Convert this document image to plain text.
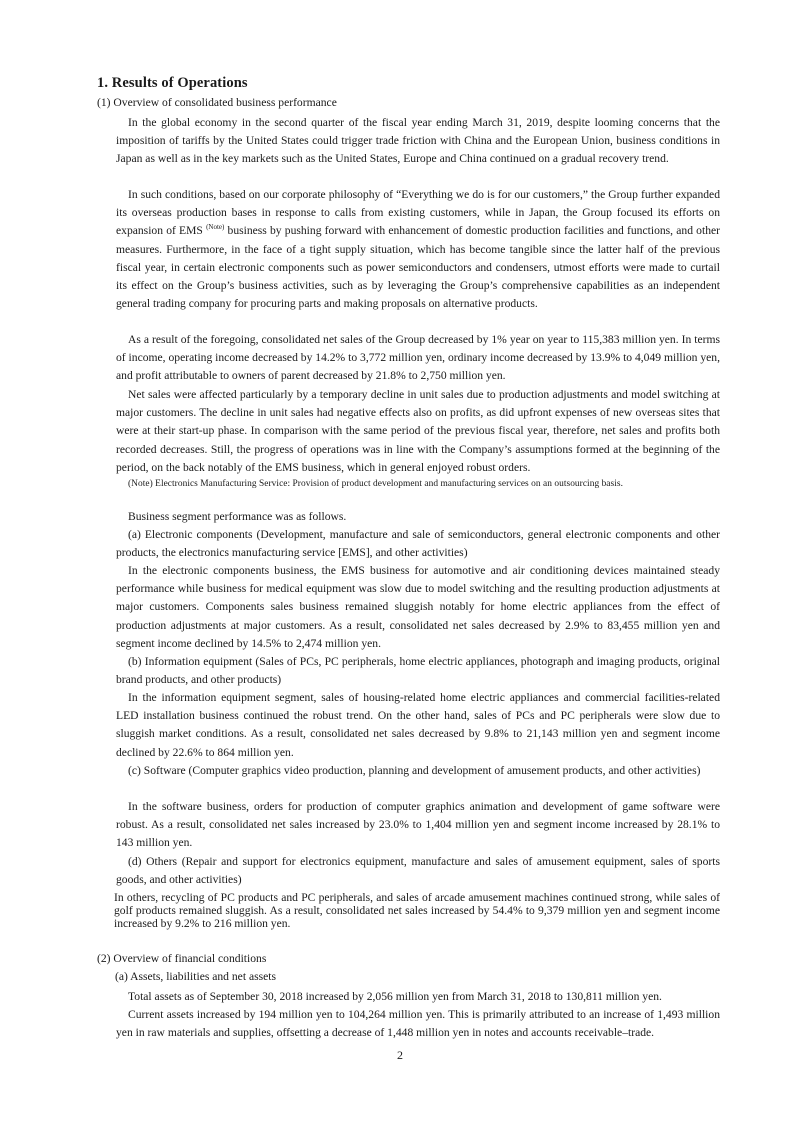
1. Results of Operations
(1) Overview of consolidated business performance
In the global economy in the second quarter of the fiscal year ending March 31, 2019, despite looming concerns that the imposition of tariffs by the United States could trigger trade friction with China and the European Union, business conditions in Japan as well as in the key markets such as the United States, Europe and China continued on a gradual recovery trend.
In such conditions, based on our corporate philosophy of “Everything we do is for our customers,” the Group further expanded its overseas production bases in response to calls from existing customers, while in Japan, the Group focused its efforts on expansion of EMS $^{(Note)}$ business by pushing forward with enhancement of domestic production facilities and functions, and other measures. Furthermore, in the face of a tight supply situation, which has become tangible since the latter half of the previous fiscal year, in certain electronic components such as power semiconductors and condensers, utmost efforts were made to curtail its effect on the Group’s business activities, such as by leveraging the Group’s comprehensive capabilities as an independent general trading company for procuring parts and making proposals on alternative products.
As a result of the foregoing, consolidated net sales of the Group decreased by 1% year on year to 115,383 million yen. In terms of income, operating income decreased by 14.2% to 3,772 million yen, ordinary income decreased by 13.9% to 4,049 million yen, and profit attributable to owners of parent decreased by 21.8% to 2,750 million yen.
Net sales were affected particularly by a temporary decline in unit sales due to production adjustments and model switching at major customers. The decline in unit sales had negative effects also on profits, as did upfront expenses of new overseas sites that were at their start-up phase. In comparison with the same period of the previous fiscal year, therefore, net sales and profits both recorded decreases. Still, the progress of operations was in line with the Company’s assumptions formed at the beginning of the period, on the back notably of the EMS business, which in general enjoyed robust orders.
(Note) Electronics Manufacturing Service: Provision of product development and manufacturing services on an outsourcing basis.
Business segment performance was as follows.
(a) Electronic components (Development, manufacture and sale of semiconductors, general electronic components and other products, the electronics manufacturing service [EMS], and other activities)
In the electronic components business, the EMS business for automotive and air conditioning devices maintained steady performance while business for medical equipment was slow due to model switching and the resulting production adjustments at major customers. Components sales business remained sluggish notably for home electric appliances from the effect of production adjustments at major customers. As a result, consolidated net sales decreased by 2.9% to 83,455 million yen and segment income declined by 14.5% to 2,474 million yen.
(b) Information equipment (Sales of PCs, PC peripherals, home electric appliances, photograph and imaging products, original brand products, and other products)
In the information equipment segment, sales of housing-related home electric appliances and commercial facilities-related LED installation business continued the robust trend. On the other hand, sales of PCs and PC peripherals were slow due to sluggish market conditions. As a result, consolidated net sales decreased by 9.8% to 21,143 million yen and segment income declined by 22.6% to 864 million yen.
(c) Software (Computer graphics video production, planning and development of amusement products, and other activities)
In the software business, orders for production of computer graphics animation and development of game software were robust. As a result, consolidated net sales increased by 23.0% to 1,404 million yen and segment income increased by 28.1% to 143 million yen.
(d) Others (Repair and support for electronics equipment, manufacture and sales of amusement equipment, sales of sports goods, and other activities)
In others, recycling of PC products and PC peripherals, and sales of arcade amusement machines continued strong, while sales of golf products remained sluggish. As a result, consolidated net sales increased by 54.4% to 9,379 million yen and segment income increased by 9.2% to 216 million yen.
(2) Overview of financial conditions
(a) Assets, liabilities and net assets
Total assets as of September 30, 2018 increased by 2,056 million yen from March 31, 2018 to 130,811 million yen.
Current assets increased by 194 million yen to 104,264 million yen. This is primarily attributed to an increase of 1,493 million yen in raw materials and supplies, offsetting a decrease of 1,448 million yen in notes and accounts receivable–trade.
2
